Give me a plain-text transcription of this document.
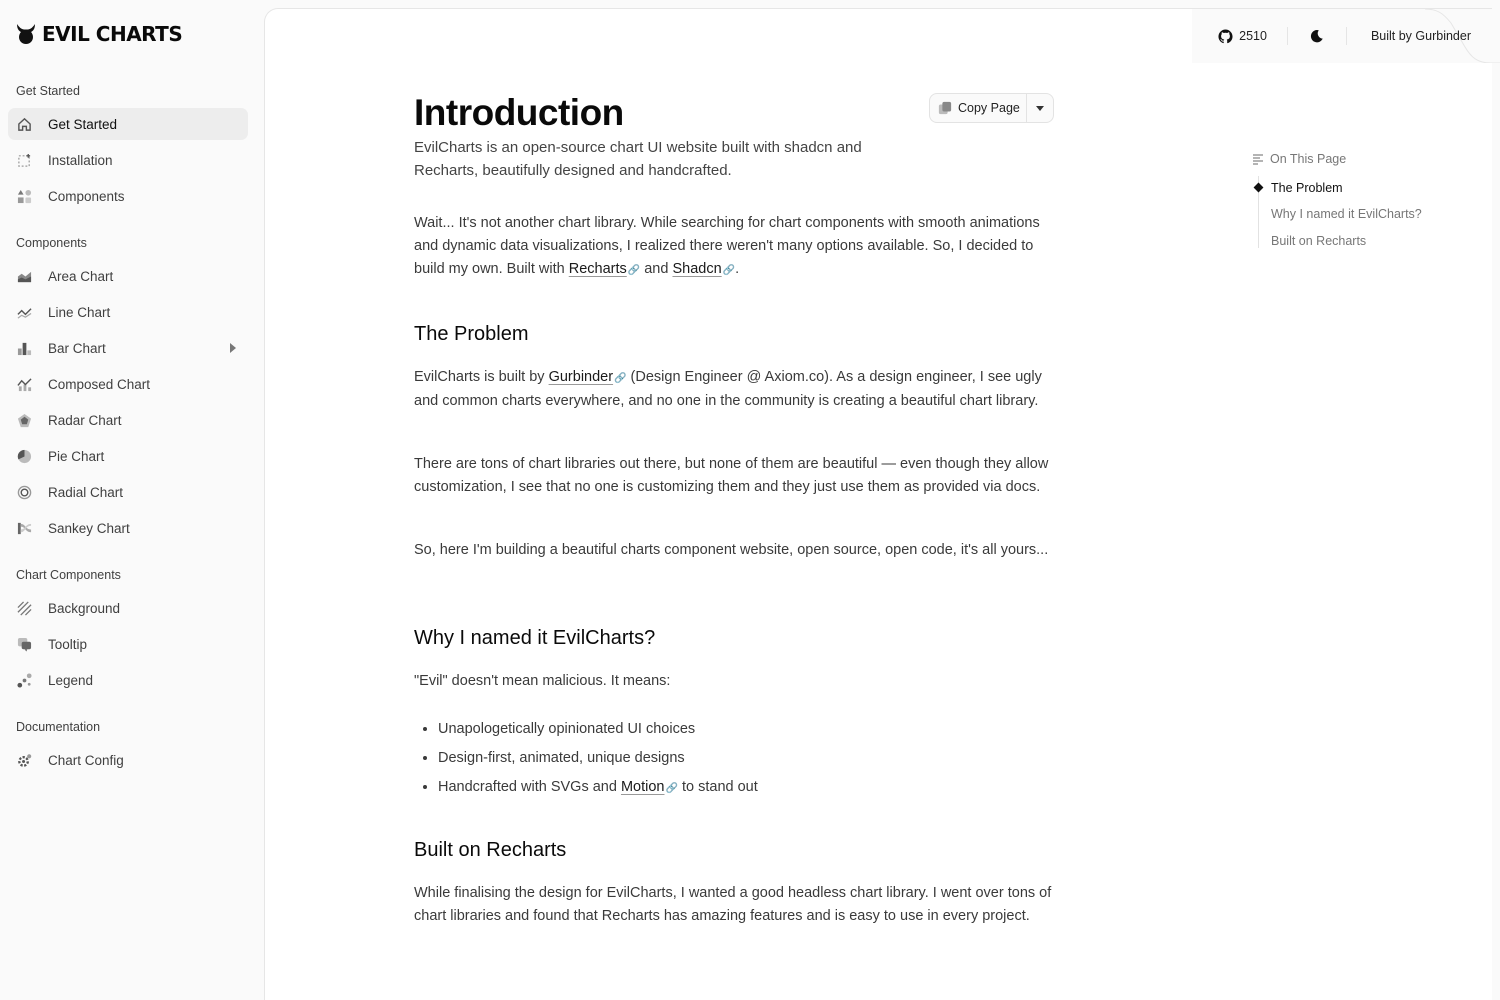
EVIL CHARTS
Get Started
Get Started
Installation
Components
Components
Area Chart
Line Chart
Bar Chart
Composed Chart
Radar Chart
Pie Chart
Radial Chart
Sankey Chart
Chart Components
Background
Tooltip
Legend
Documentation
Chart Config
2510	Built by Gurbinder
Introduction
EvilCharts is an open-source chart UI website built with shadcn and Recharts, beautifully designed and handcrafted.
Copy Page
Wait... It's not another chart library. While searching for chart components with smooth animations and dynamic data visualizations, I realized there weren't many options available. So, I decided to build my own. Built with Recharts🔗 and Shadcn🔗.
The Problem
EvilCharts is built by Gurbinder🔗 (Design Engineer @ Axiom.co). As a design engineer, I see ugly and common charts everywhere, and no one in the community is creating a beautiful chart library.
There are tons of chart libraries out there, but none of them are beautiful — even though they allow customization, I see that no one is customizing them and they just use them as provided via docs.
So, here I'm building a beautiful charts component website, open source, open code, it's all yours...
Why I named it EvilCharts?
"Evil" doesn't mean malicious. It means:
• Unapologetically opinionated UI choices
• Design-first, animated, unique designs
• Handcrafted with SVGs and Motion🔗 to stand out
Built on Recharts
While finalising the design for EvilCharts, I wanted a good headless chart library. I went over tons of chart libraries and found that Recharts has amazing features and is easy to use in every project.
On This Page
The Problem
Why I named it EvilCharts?
Built on Recharts
